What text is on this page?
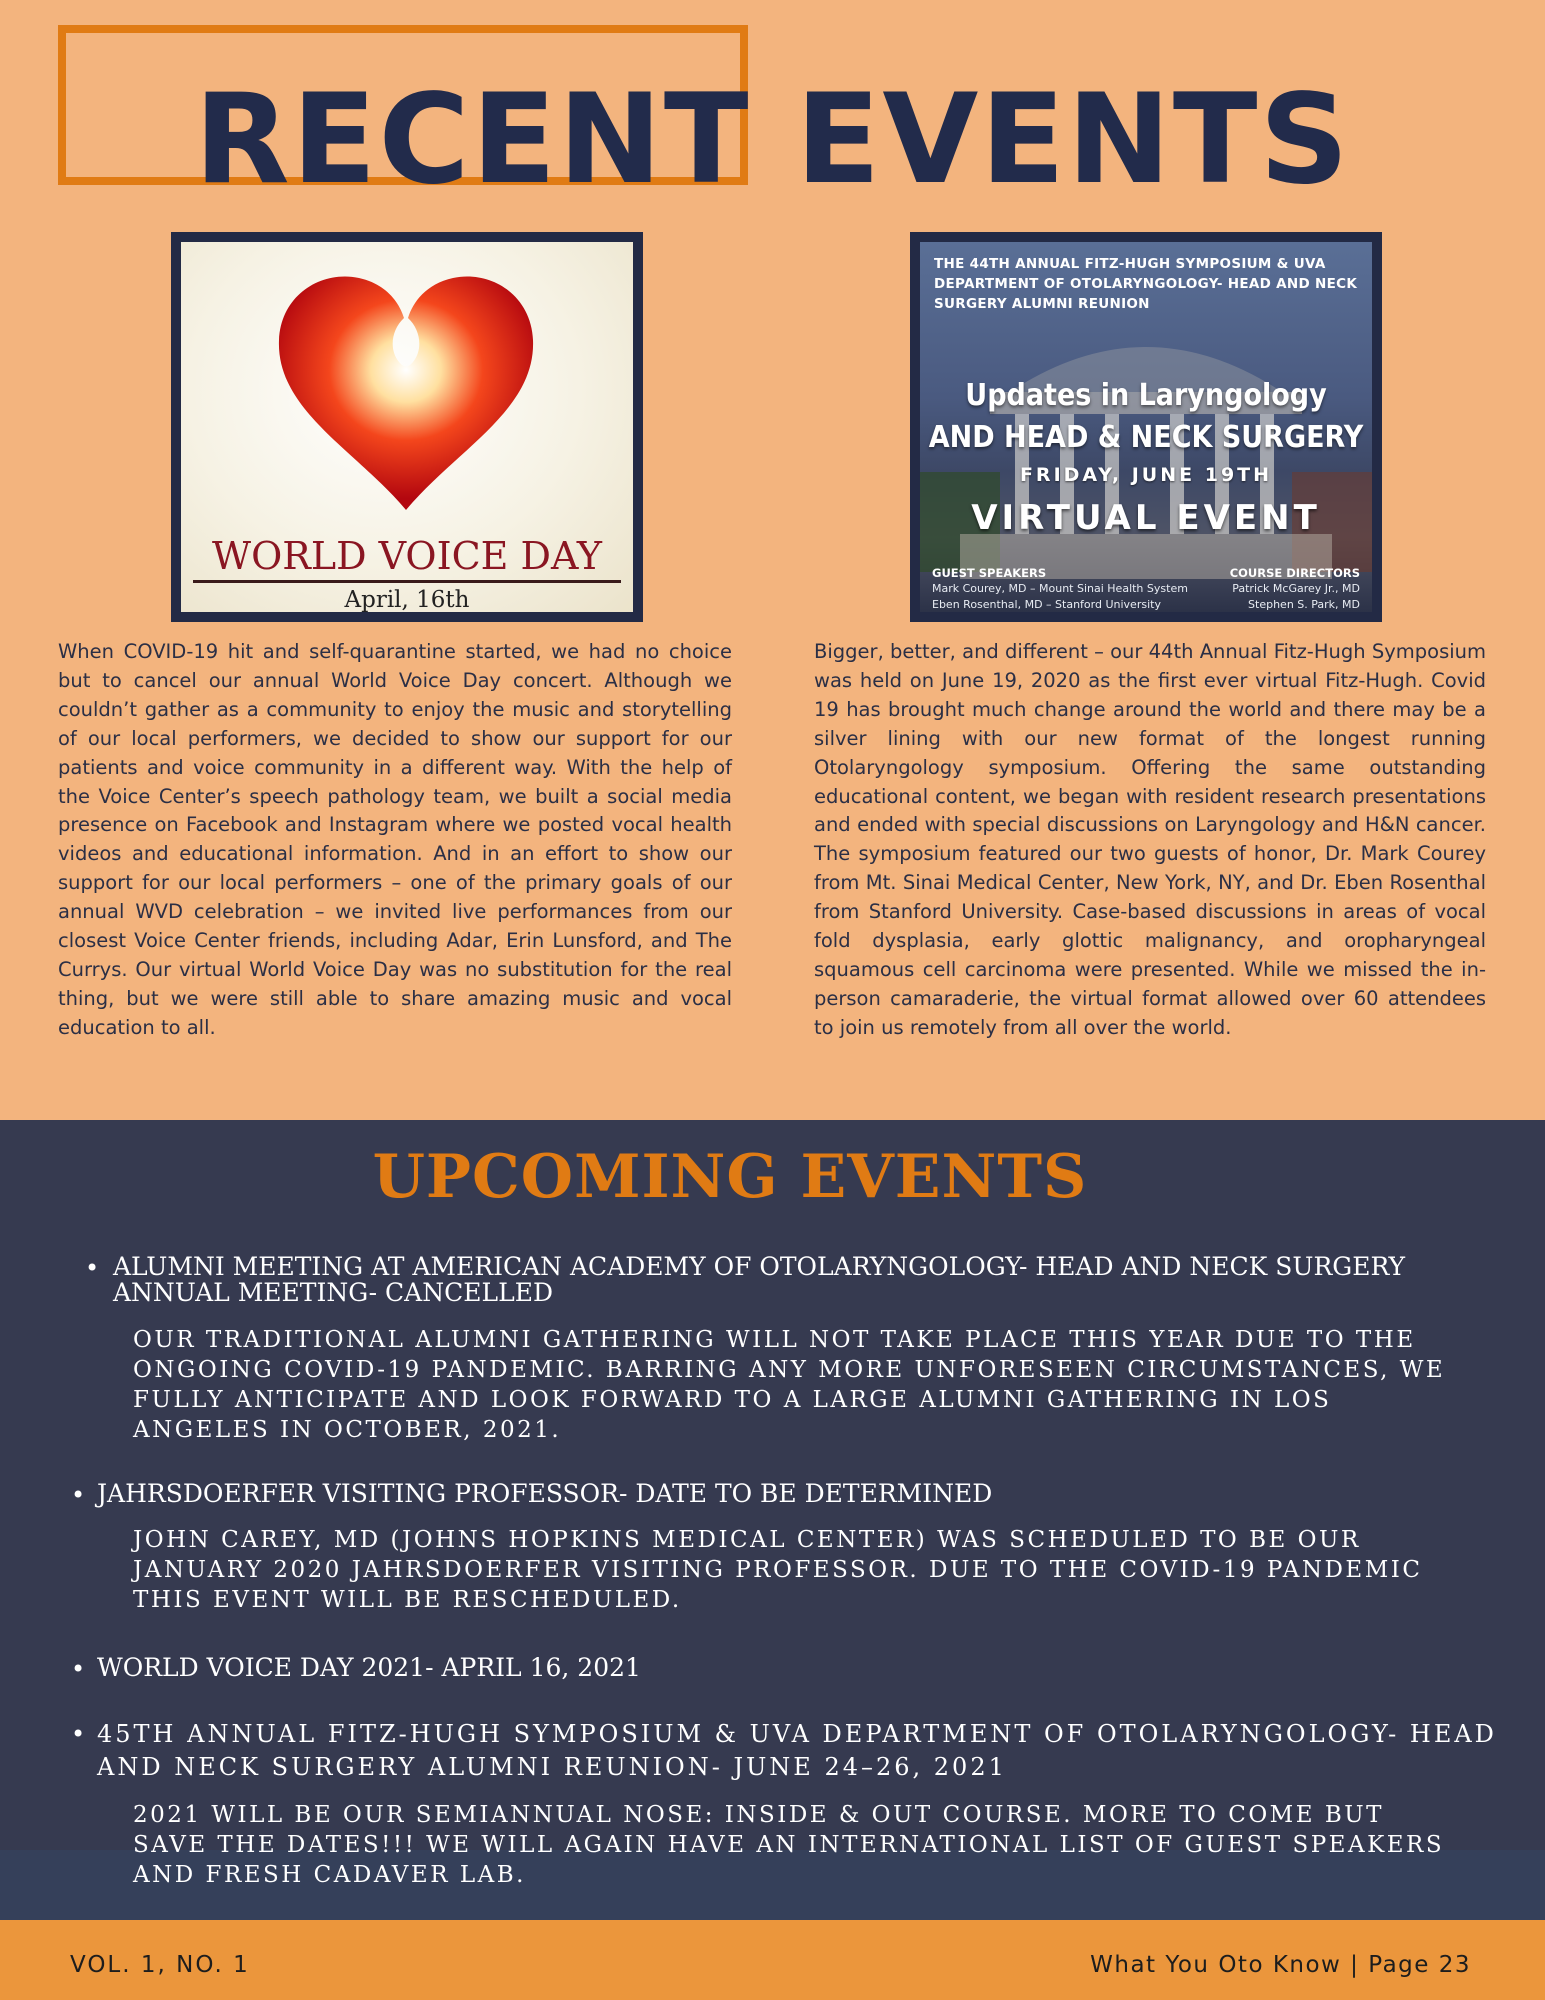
RECENT EVENTS
WORLD VOICE DAY
April, 16th
THE 44TH ANNUAL FITZ-HUGH SYMPOSIUM & UVA DEPARTMENT OF OTOLARYNGOLOGY- HEAD AND NECK SURGERY ALUMNI REUNION
Updates in Laryngology
AND HEAD & NECK SURGERY
FRIDAY, JUNE 19TH
VIRTUAL EVENT
GUEST SPEAKERS
Mark Courey, MD – Mount Sinai Health System
Eben Rosenthal, MD – Stanford University
COURSE DIRECTORS
Patrick McGarey Jr., MD
Stephen S. Park, MD

When COVID-19 hit and self-quarantine started, we had no choice but to cancel our annual World Voice Day concert. Although we couldn’t gather as a community to enjoy the music and storytelling of our local performers, we decided to show our support for our patients and voice community in a different way. With the help of the Voice Center’s speech pathology team, we built a social media presence on Facebook and Instagram where we posted vocal health videos and educational information. And in an effort to show our support for our local performers – one of the primary goals of our annual WVD celebration – we invited live performances from our closest Voice Center friends, including Adar, Erin Lunsford, and The Currys. Our virtual World Voice Day was no substitution for the real thing, but we were still able to share amazing music and vocal education to all.

Bigger, better, and different – our 44th Annual Fitz-Hugh Symposium was held on June 19, 2020 as the first ever virtual Fitz-Hugh. Covid 19 has brought much change around the world and there may be a silver lining with our new format of the longest running Otolaryngology symposium. Offering the same outstanding educational content, we began with resident research presentations and ended with special discussions on Laryngology and H&N cancer. The symposium featured our two guests of honor, Dr. Mark Courey from Mt. Sinai Medical Center, New York, NY, and Dr. Eben Rosenthal from Stanford University. Case-based discussions in areas of vocal fold dysplasia, early glottic malignancy, and oropharyngeal squamous cell carcinoma were presented. While we missed the in-person camaraderie, the virtual format allowed over 60 attendees to join us remotely from all over the world.

UPCOMING EVENTS
• ALUMNI MEETING AT AMERICAN ACADEMY OF OTOLARYNGOLOGY- HEAD AND NECK SURGERY ANNUAL MEETING- CANCELLED

OUR TRADITIONAL ALUMNI GATHERING WILL NOT TAKE PLACE THIS YEAR DUE TO THE ONGOING COVID-19 PANDEMIC. BARRING ANY MORE UNFORESEEN CIRCUMSTANCES, WE FULLY ANTICIPATE AND LOOK FORWARD TO A LARGE ALUMNI GATHERING IN LOS ANGELES IN OCTOBER, 2021.

• JAHRSDOERFER VISITING PROFESSOR- DATE TO BE DETERMINED

JOHN CAREY, MD (JOHNS HOPKINS MEDICAL CENTER) WAS SCHEDULED TO BE OUR JANUARY 2020 JAHRSDOERFER VISITING PROFESSOR. DUE TO THE COVID-19 PANDEMIC THIS EVENT WILL BE RESCHEDULED.

• WORLD VOICE DAY 2021- APRIL 16, 2021

• 45TH ANNUAL FITZ-HUGH SYMPOSIUM & UVA DEPARTMENT OF OTOLARYNGOLOGY- HEAD AND NECK SURGERY ALUMNI REUNION- JUNE 24–26, 2021

2021 WILL BE OUR SEMIANNUAL NOSE: INSIDE & OUT COURSE. MORE TO COME BUT SAVE THE DATES!!! WE WILL AGAIN HAVE AN INTERNATIONAL LIST OF GUEST SPEAKERS AND FRESH CADAVER LAB.

VOL. 1, NO. 1	What You Oto Know | Page 23
